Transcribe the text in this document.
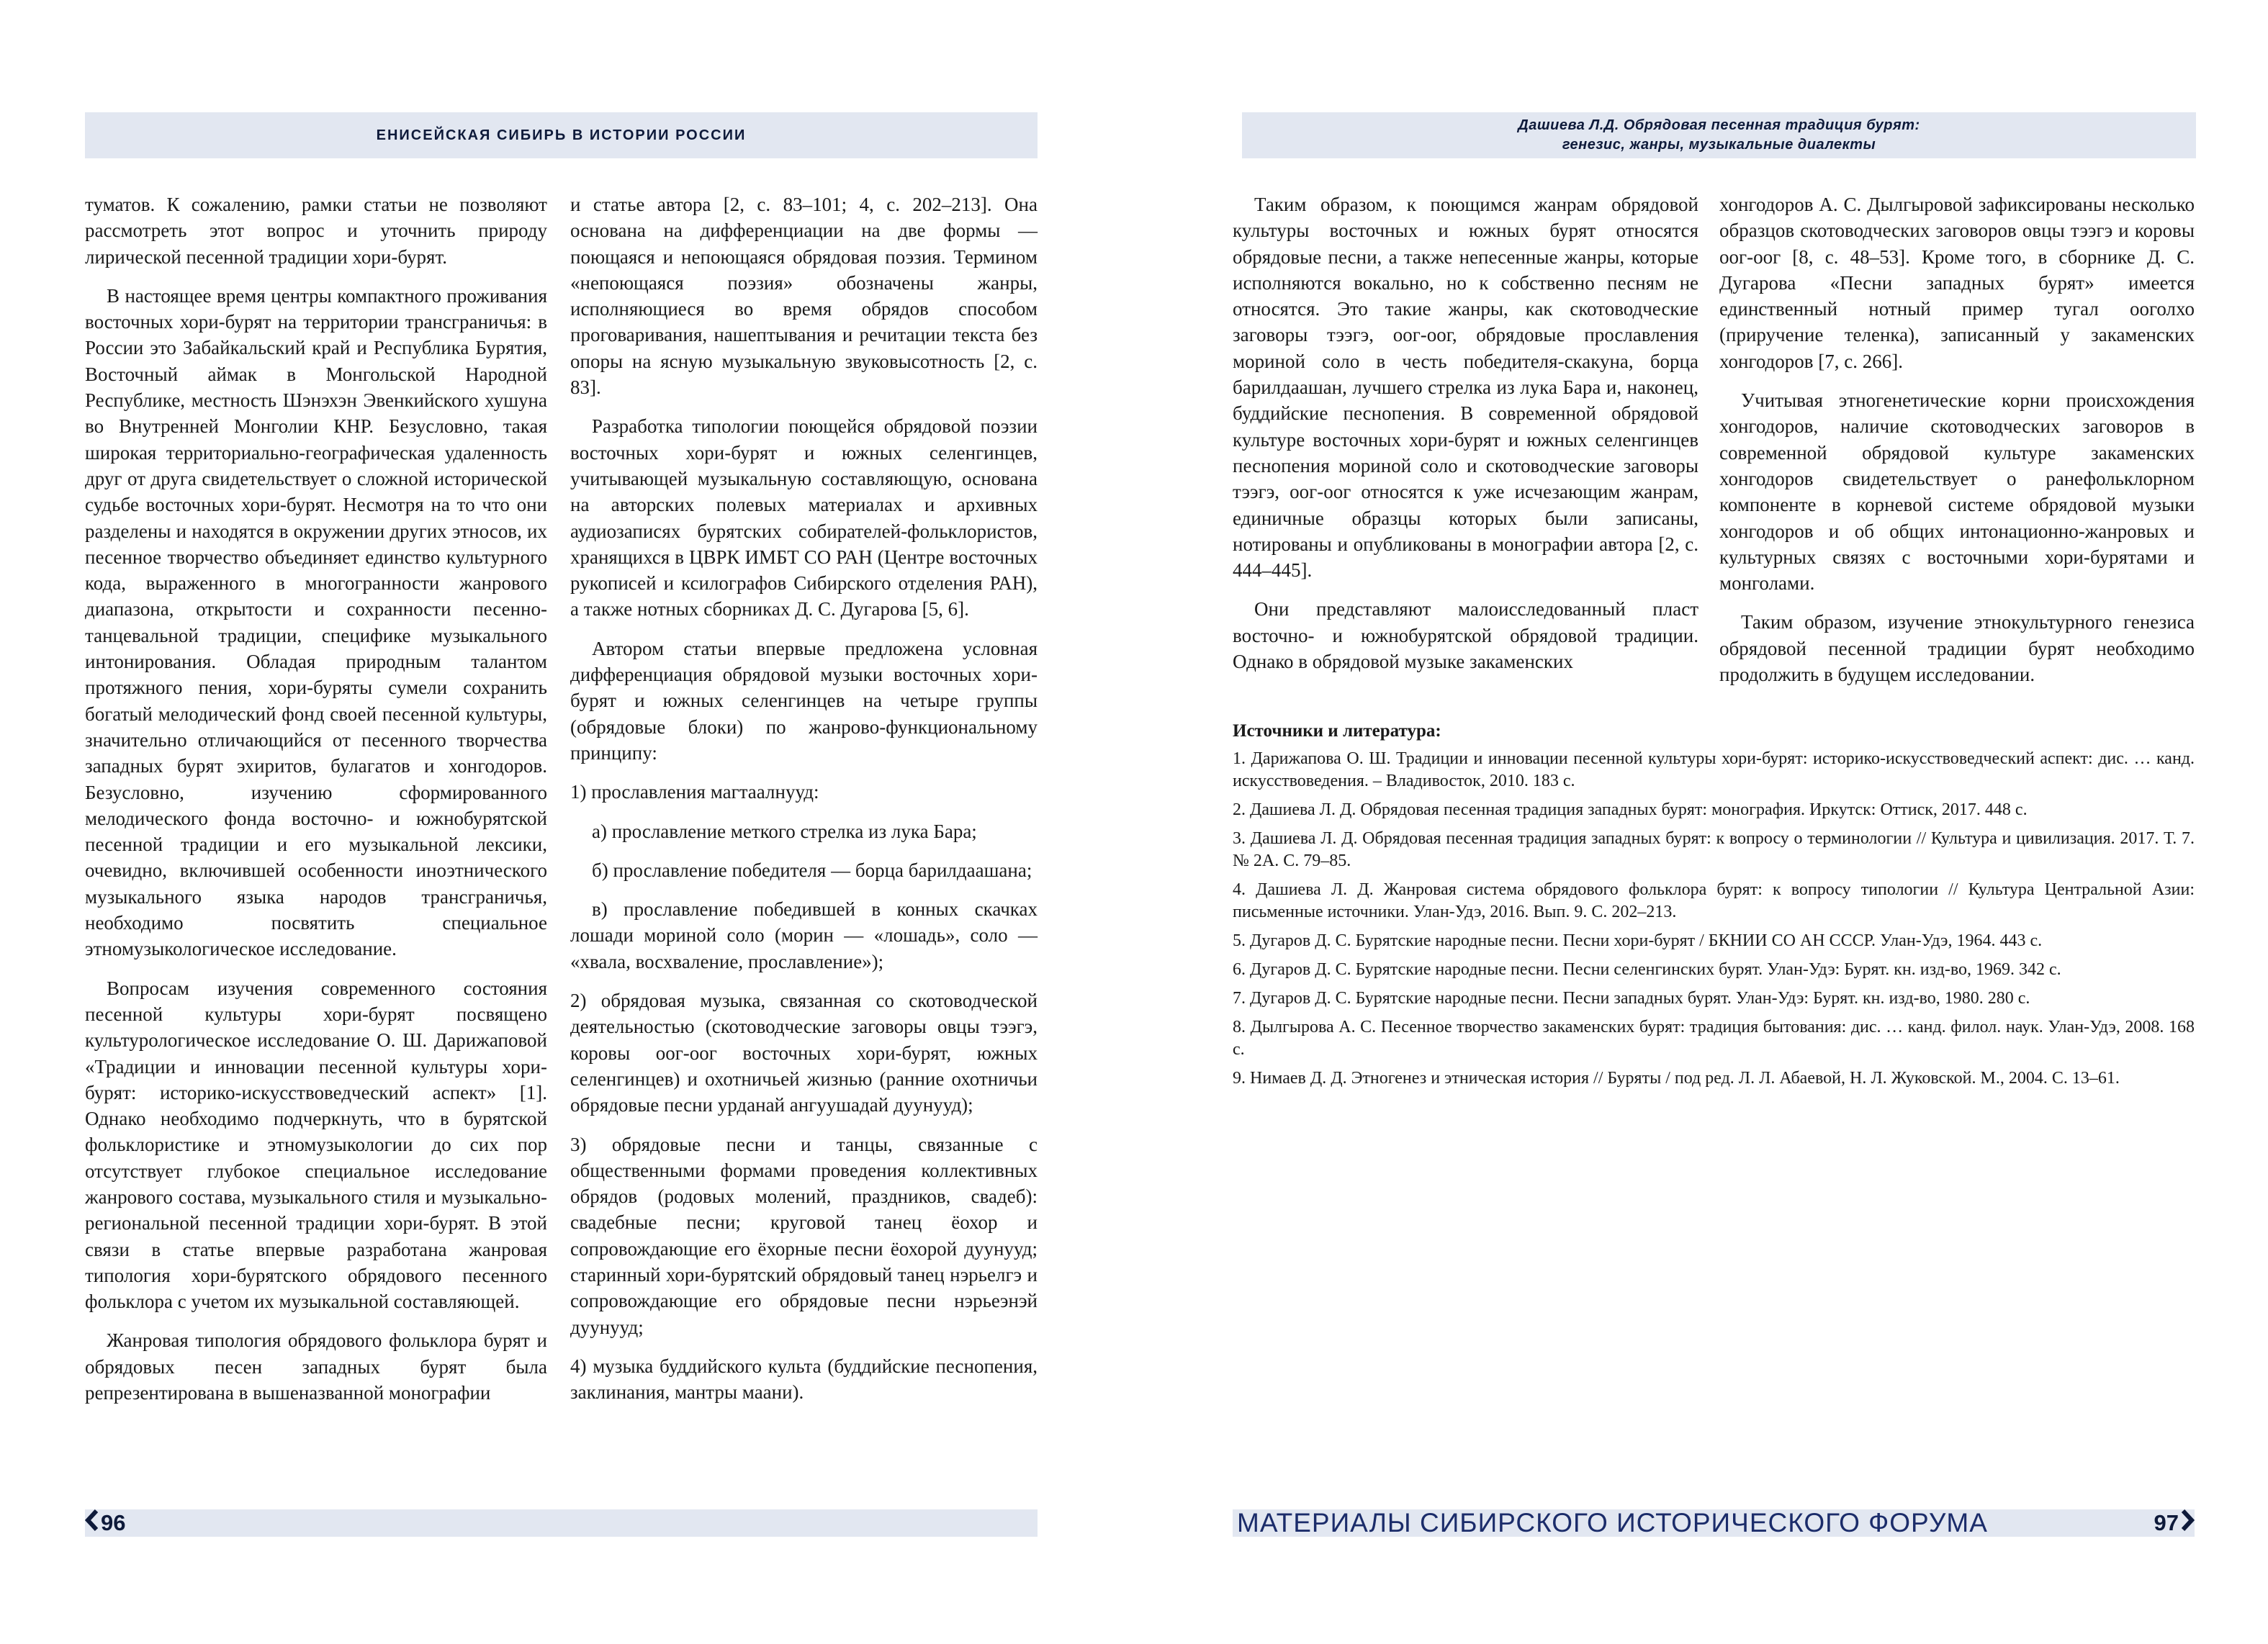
ЕНИСЕЙСКАЯ СИБИРЬ В ИСТОРИИ РОССИИ

туматов. К сожалению, рамки статьи не позволяют рассмотреть этот вопрос и уточнить природу лирической песенной традиции хори-бурят.

В настоящее время центры компактного проживания восточных хори-бурят на территории трансграничья: в России это Забайкальский край и Республика Бурятия, Восточный аймак в Монгольской Народной Республике, местность Шэнэхэн Эвенкийского хушуна во Внутренней Монголии КНР. Безусловно, такая широкая территориально-географическая удаленность друг от друга свидетельствует о сложной исторической судьбе восточных хори-бурят. Несмотря на то что они разделены и находятся в окружении других этносов, их песенное творчество объединяет единство культурного кода, выраженного в многогранности жанрового диапазона, открытости и сохранности песенно-танцевальной традиции, специфике музыкального интонирования. Обладая природным талантом протяжного пения, хори-буряты сумели сохранить богатый мелодический фонд своей песенной культуры, значительно отличающийся от песенного творчества западных бурят эхиритов, булагатов и хонгодоров. Безусловно, изучению сформированного мелодического фонда восточно- и южнобурятской песенной традиции и его музыкальной лексики, очевидно, включившей особенности иноэтнического музыкального языка народов трансграничья, необходимо посвятить специальное этномузыкологическое исследование.

Вопросам изучения современного состояния песенной культуры хори-бурят посвящено культурологическое исследование О. Ш. Дарижаповой «Традиции и инновации песенной культуры хори-бурят: историко-искусствоведческий аспект» [1]. Однако необходимо подчеркнуть, что в бурятской фольклористике и этномузыкологии до сих пор отсутствует глубокое специальное исследование жанрового состава, музыкального стиля и музыкально-региональной песенной традиции хори-бурят. В этой связи в статье впервые разработана жанровая типология хори-бурятского обрядового песенного фольклора с учетом их музыкальной составляющей.

Жанровая типология обрядового фольклора бурят и обрядовых песен западных бурят была репрезентирована в вышеназванной монографии

и статье автора [2, с. 83–101; 4, с. 202–213]. Она основана на дифференциации на две формы — поющаяся и непоющаяся обрядовая поэзия. Термином «непоющаяся поэзия» обозначены жанры, исполняющиеся во время обрядов способом проговаривания, нашептывания и речитации текста без опоры на ясную музыкальную звуковысотность [2, с. 83].

Разработка типологии поющейся обрядовой поэзии восточных хори-бурят и южных селенгинцев, учитывающей музыкальную составляющую, основана на авторских полевых материалах и архивных аудиозаписях бурятских собирателей-фольклористов, хранящихся в ЦВРК ИМБТ СО РАН (Центре восточных рукописей и ксилографов Сибирского отделения РАН), а также нотных сборниках Д. С. Дугарова [5, 6].

Автором статьи впервые предложена условная дифференциация обрядовой музыки восточных хори-бурят и южных селенгинцев на четыре группы (обрядовые блоки) по жанрово-функциональному принципу:

1) прославления магтаалнууд:

а) прославление меткого стрелка из лука Бара;

б) прославление победителя — борца барилдаашана;

в) прославление победившей в конных скачках лошади мориной соло (морин — «лошадь», соло — «хвала, восхваление, прославление»);

2) обрядовая музыка, связанная со скотоводческой деятельностью (скотоводческие заговоры овцы тээгэ, коровы оог-оог восточных хори-бурят, южных селенгинцев) и охотничьей жизнью (ранние охотничьи обрядовые песни урданай ангуушадай дуунууд);

3) обрядовые песни и танцы, связанные с общественными формами проведения коллективных обрядов (родовых молений, праздников, свадеб): свадебные песни; круговой танец ёохор и сопровождающие его ёхорные песни ёохорой дуунууд; старинный хори-бурятский обрядовый танец нэрьелгэ и сопровождающие его обрядовые песни нэрьеэнэй дуунууд;

4) музыка буддийского культа (буддийские песнопения, заклинания, мантры маани).

96
Дашиева Л.Д. Обрядовая песенная традиция бурят:
генезис, жанры, музыкальные диалекты

Таким образом, к поющимся жанрам обрядовой культуры восточных и южных бурят относятся обрядовые песни, а также непесенные жанры, которые исполняются вокально, но к собственно песням не относятся. Это такие жанры, как скотоводческие заговоры тээгэ, оог-оог, обрядовые прославления мориной соло в честь победителя-скакуна, борца барилдаашан, лучшего стрелка из лука Бара и, наконец, буддийские песнопения. В современной обрядовой культуре восточных хори-бурят и южных селенгинцев песнопения мориной соло и скотоводческие заговоры тээгэ, оог-оог относятся к уже исчезающим жанрам, единичные образцы которых были записаны, нотированы и опубликованы в монографии автора [2, с. 444–445].

Они представляют малоисследованный пласт восточно- и южнобурятской обрядовой традиции. Однако в обрядовой музыке закаменских

хонгодоров А. С. Дылгыровой зафиксированы несколько образцов скотоводческих заговоров овцы тээгэ и коровы оог-оог [8, с. 48–53]. Кроме того, в сборнике Д. С. Дугарова «Песни западных бурят» имеется единственный нотный пример тугал ооголхо (приручение теленка), записанный у закаменских хонгодоров [7, с. 266].

Учитывая этногенетические корни происхождения хонгодоров, наличие скотоводческих заговоров в современной обрядовой культуре закаменских хонгодоров свидетельствует о ранефольклорном компоненте в корневой системе обрядовой музыки хонгодоров и об общих интонационно-жанровых и культурных связях с восточными хори-бурятами и монголами.

Таким образом, изучение этнокультурного генезиса обрядовой песенной традиции бурят необходимо продолжить в будущем исследовании.

Источники и литература:
1. Дарижапова О. Ш. Традиции и инновации песенной культуры хори-бурят: историко-искусствоведческий аспект: дис. … канд. искусствоведения. – Владивосток, 2010. 183 с.
2. Дашиева Л. Д. Обрядовая песенная традиция западных бурят: монография. Иркутск: Оттиск, 2017. 448 с.
3. Дашиева Л. Д. Обрядовая песенная традиция западных бурят: к вопросу о терминологии // Культура и цивилизация. 2017. Т. 7. № 2А. С. 79–85.
4. Дашиева Л. Д. Жанровая система обрядового фольклора бурят: к вопросу типологии // Культура Центральной Азии: письменные источники. Улан-Удэ, 2016. Вып. 9. С. 202–213.
5. Дугаров Д. С. Бурятские народные песни. Песни хори-бурят / БКНИИ СО АН СССР. Улан-Удэ, 1964. 443 с.
6. Дугаров Д. С. Бурятские народные песни. Песни селенгинских бурят. Улан-Удэ: Бурят. кн. изд-во, 1969. 342 с.
7. Дугаров Д. С. Бурятские народные песни. Песни западных бурят. Улан-Удэ: Бурят. кн. изд-во, 1980. 280 с.
8. Дылгырова А. С. Песенное творчество закаменских бурят: традиция бытования: дис. … канд. филол. наук. Улан-Удэ, 2008. 168 с.
9. Нимаев Д. Д. Этногенез и этническая история // Буряты / под ред. Л. Л. Абаевой, Н. Л. Жуковской. М., 2004. С. 13–61.
МАТЕРИАЛЫ СИБИРСКОГО ИСТОРИЧЕСКОГО ФОРУМА	97
